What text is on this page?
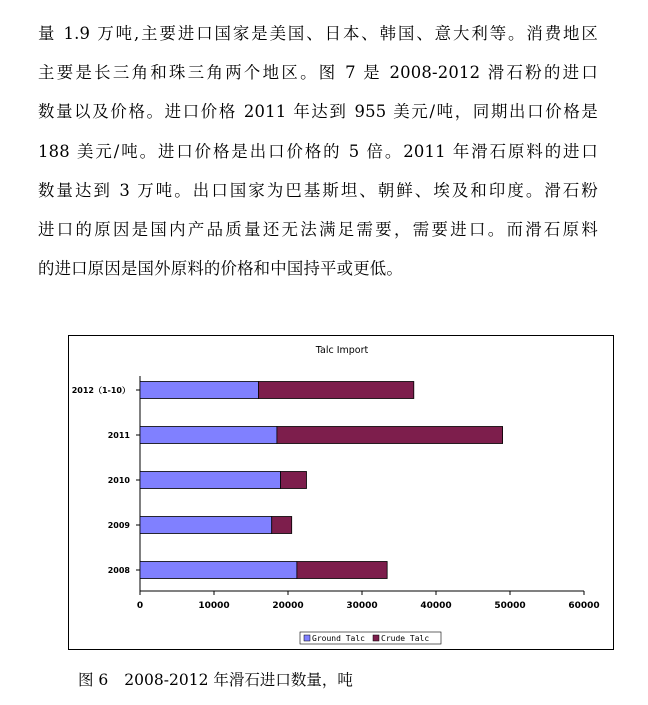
量 1.9 万吨,主要进口国家是美国、日本、韩国、意大利等。消费地区
主要是长三角和珠三角两个地区。图 7 是 2008-2012 滑石粉的进口
数量以及价格。进口价格 2011 年达到 955 美元/吨，同期出口价格是
188 美元/吨。进口价格是出口价格的 5 倍。2011 年滑石原料的进口
数量达到 3 万吨。出口国家为巴基斯坦、朝鲜、埃及和印度。滑石粉
进口的原因是国内产品质量还无法满足需要，需要进口。而滑石原料
的进口原因是国外原料的价格和中国持平或更低。
Talc Import
0	10000	20000	30000	40000	50000	60000
2012（1-10）
2011
2010
2009
2008
Ground Talc Crude Talc
图 6 2008-2012 年滑石进口数量，吨
